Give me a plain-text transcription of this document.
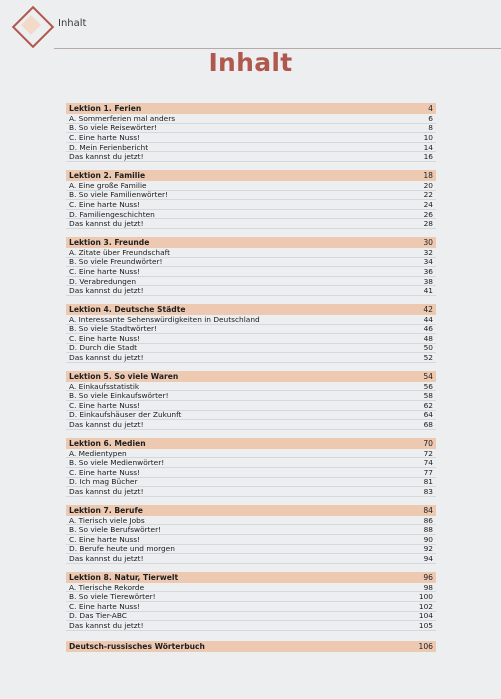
Inhalt
Inhalt
Lektion 1. Ferien	4
A. Sommerferien mal anders	6
B. So viele Reisewörter!	8
C. Eine harte Nuss!	10
D. Mein Ferienbericht	14
Das kannst du jetzt!	16
Lektion 2. Familie	18
A. Eine große Familie	20
B. So viele Familienwörter!	22
C. Eine harte Nuss!	24
D. Familiengeschichten	26
Das kannst du jetzt!	28
Lektion 3. Freunde	30
A. Zitate über Freundschaft	32
B. So viele Freundwörter!	34
C. Eine harte Nuss!	36
D. Verabredungen	38
Das kannst du jetzt!	41
Lektion 4. Deutsche Städte	42
A. Interessante Sehenswürdigkeiten in Deutschland	44
B. So viele Stadtwörter!	46
C. Eine harte Nuss!	48
D. Durch die Stadt	50
Das kannst du jetzt!	52
Lektion 5. So viele Waren	54
A. Einkaufsstatistik	56
B. So viele Einkaufswörter!	58
C. Eine harte Nuss!	62
D. Einkaufshäuser der Zukunft	64
Das kannst du jetzt!	68
Lektion 6. Medien	70
A. Medientypen	72
B. So viele Medienwörter!	74
C. Eine harte Nuss!	77
D. Ich mag Bücher	81
Das kannst du jetzt!	83
Lektion 7. Berufe	84
A. Tierisch viele Jobs	86
B. So viele Berufswörter!	88
C. Eine harte Nuss!	90
D. Berufe heute und morgen	92
Das kannst du jetzt!	94
Lektion 8. Natur, Tierwelt	96
A. Tierische Rekorde	98
B. So viele Tierewörter!	100
C. Eine harte Nuss!	102
D. Das Tier-ABC	104
Das kannst du jetzt!	105
Deutsch-russisches Wörterbuch	106
